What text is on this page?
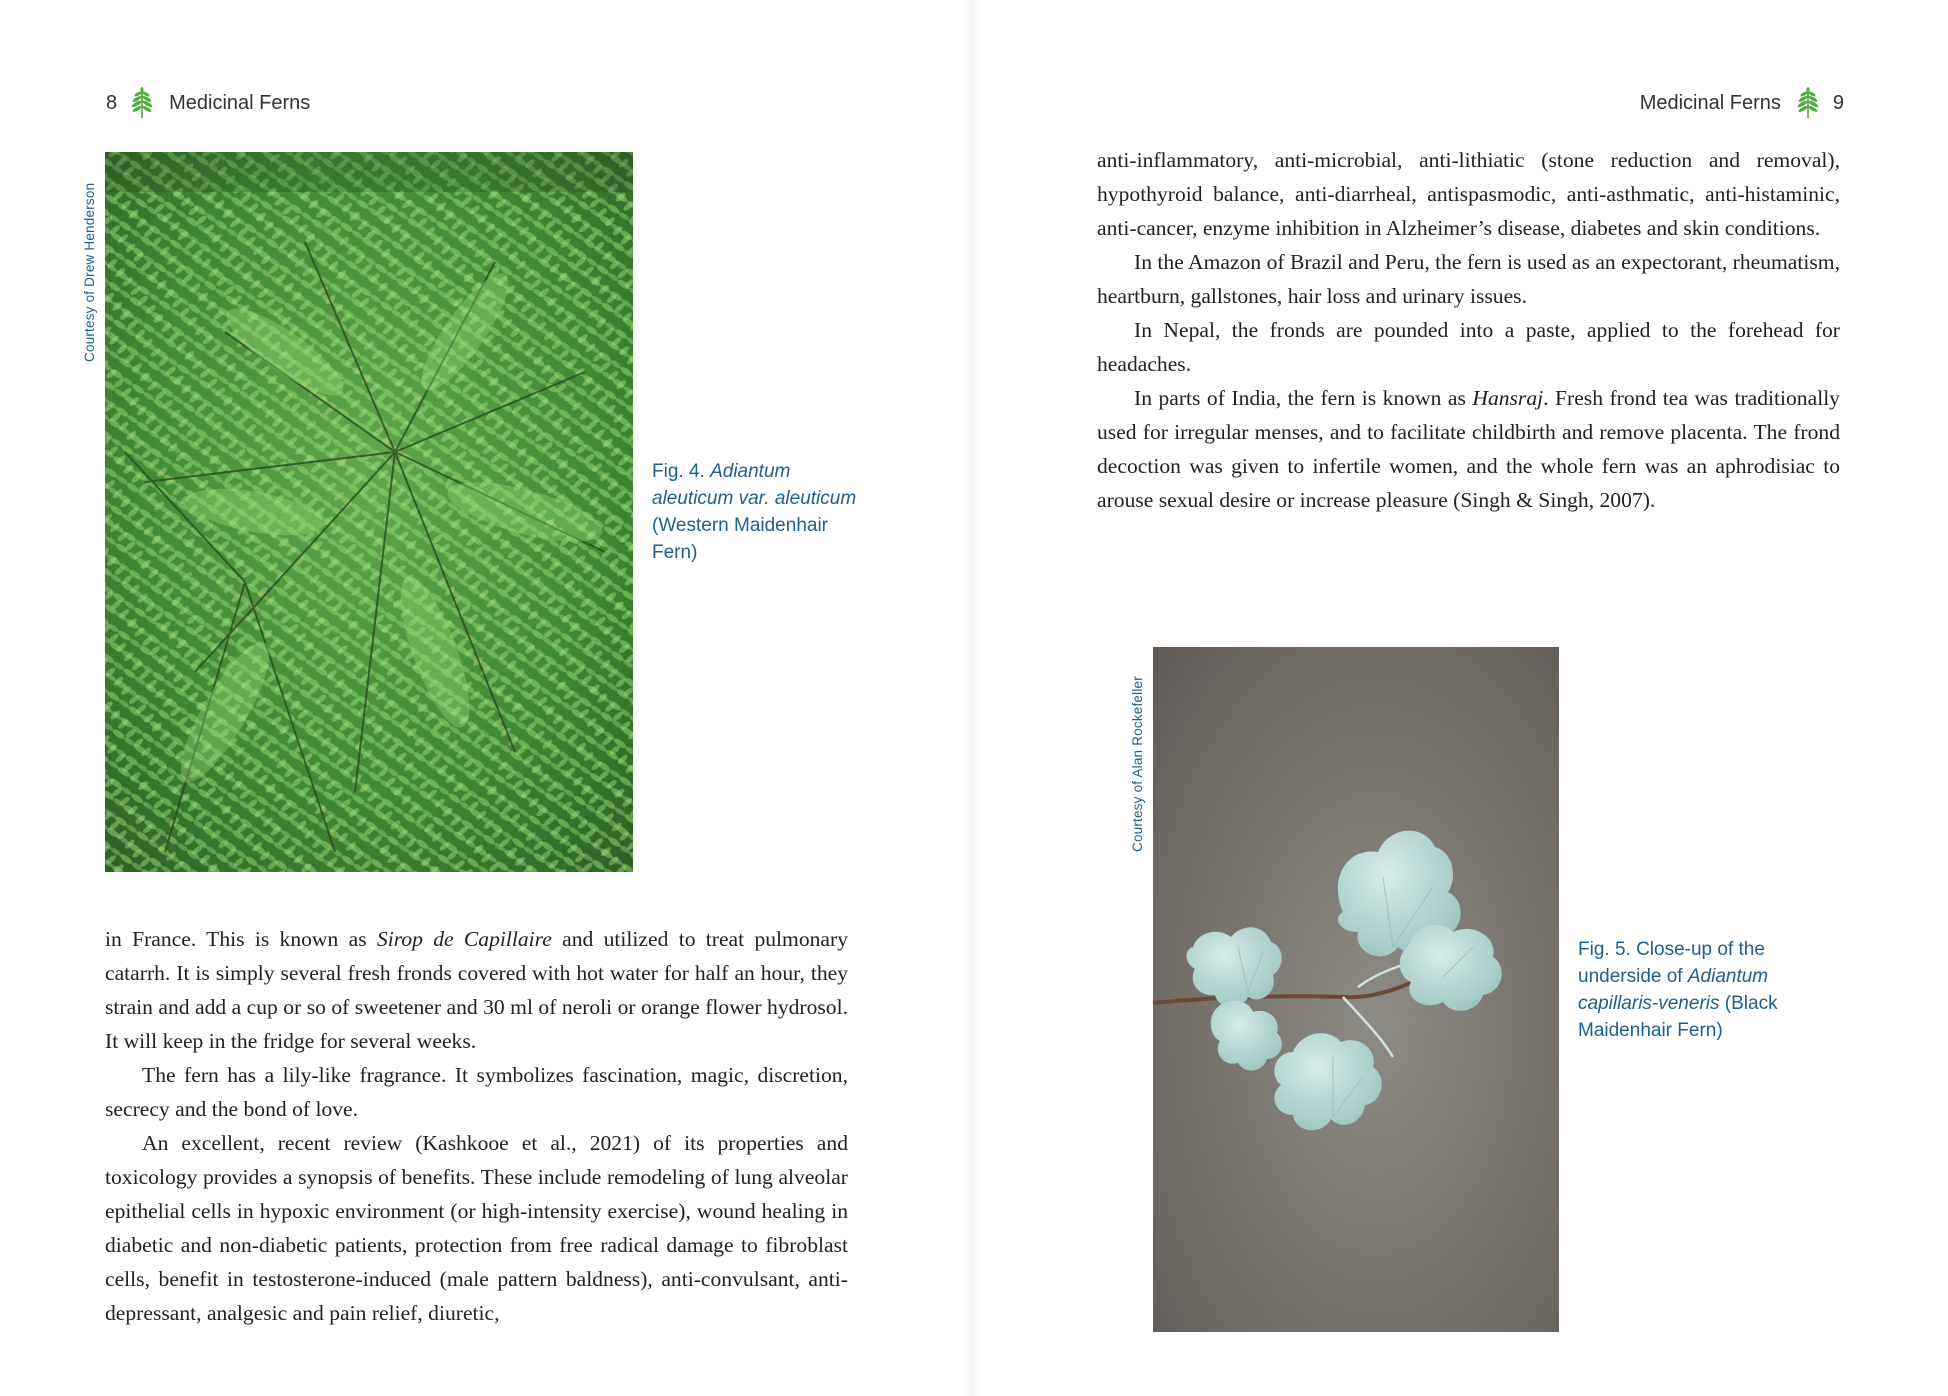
8	Medicinal Ferns
Courtesy of Drew Henderson
Fig. 4. Adiantum aleuticum var. aleuticum (Western Maidenhair Fern)

in France. This is known as Sirop de Capillaire and utilized to treat pulmonary catarrh. It is simply several fresh fronds covered with hot water for half an hour, they strain and add a cup or so of sweetener and 30 ml of neroli or orange flower hydrosol. It will keep in the fridge for several weeks.

The fern has a lily-like fragrance. It symbolizes fascination, magic, discretion, secrecy and the bond of love.

An excellent, recent review (Kashkooe et al., 2021) of its properties and toxicology provides a synopsis of benefits. These include remodeling of lung alveolar epithelial cells in hypoxic environment (or high-intensity exercise), wound healing in diabetic and non-diabetic patients, protection from free radical damage to fibroblast cells, benefit in testosterone-induced (male pattern baldness), anti-convulsant, anti-depressant, analgesic and pain relief, diuretic,

Medicinal Ferns	9

anti-inflammatory, anti-microbial, anti-lithiatic (stone reduction and removal), hypothyroid balance, anti-diarrheal, antispasmodic, anti-asthmatic, anti-histaminic, anti-cancer, enzyme inhibition in Alzheimer’s disease, diabetes and skin conditions.

In the Amazon of Brazil and Peru, the fern is used as an expectorant, rheumatism, heartburn, gallstones, hair loss and urinary issues.

In Nepal, the fronds are pounded into a paste, applied to the forehead for headaches.

In parts of India, the fern is known as Hansraj. Fresh frond tea was traditionally used for irregular menses, and to facilitate childbirth and remove placenta. The frond decoction was given to infertile women, and the whole fern was an aphrodisiac to arouse sexual desire or increase pleasure (Singh & Singh, 2007).

Courtesy of Alan Rockefeller
Fig. 5. Close-up of the underside of Adiantum capillaris-veneris (Black Maidenhair Fern)
